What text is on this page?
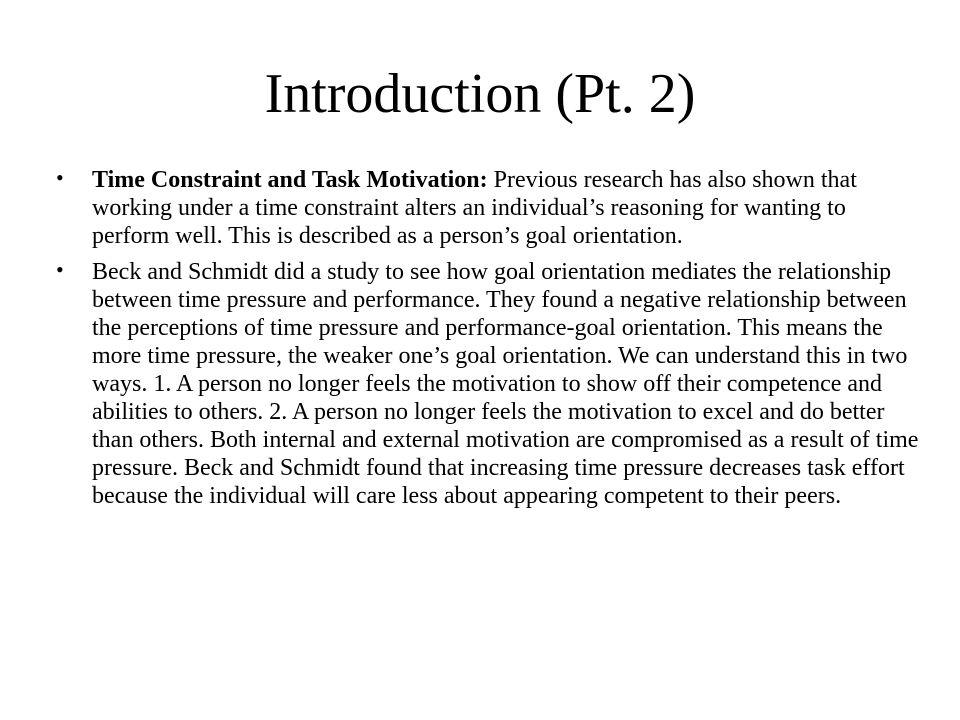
Introduction (Pt. 2)
• Time Constraint and Task Motivation: Previous research has also shown that working under a time constraint alters an individual’s reasoning for wanting to perform well. This is described as a person’s goal orientation.
• Beck and Schmidt did a study to see how goal orientation mediates the relationship between time pressure and performance. They found a negative relationship between the perceptions of time pressure and performance-goal orientation. This means the more time pressure, the weaker one’s goal orientation. We can understand this in two ways. 1. A person no longer feels the motivation to show off their competence and abilities to others. 2. A person no longer feels the motivation to excel and do better than others. Both internal and external motivation are compromised as a result of time pressure. Beck and Schmidt found that increasing time pressure decreases task effort because the individual will care less about appearing competent to their peers.
